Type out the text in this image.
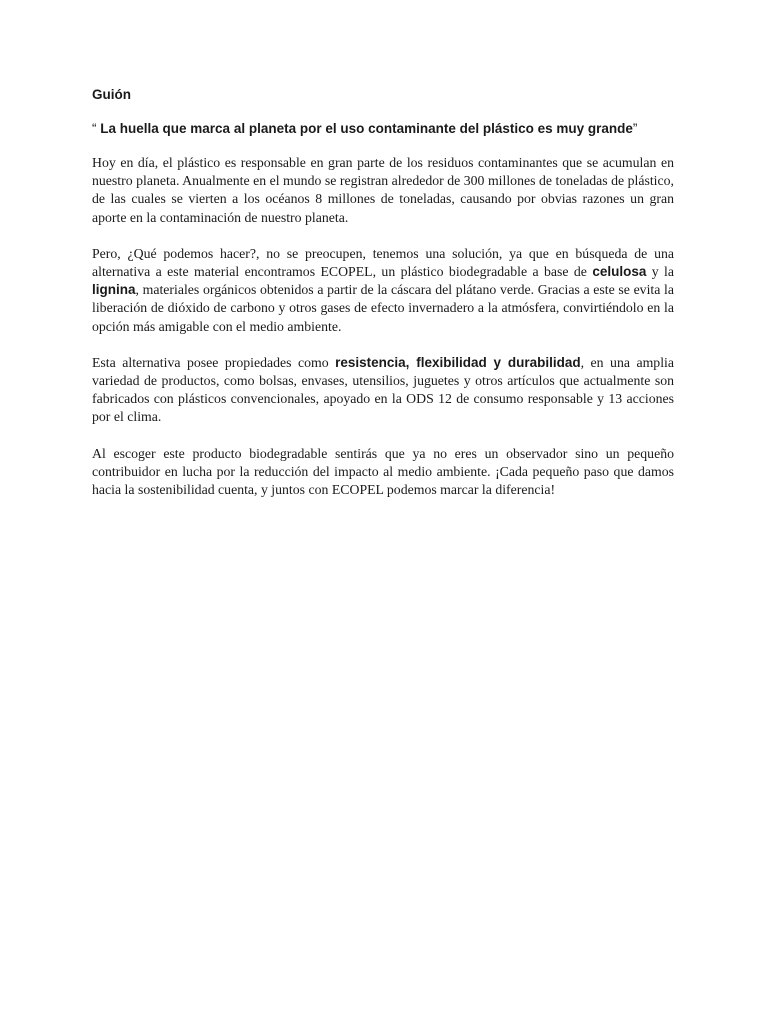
Guión
“ La huella que marca al planeta por el uso contaminante del plástico es muy grande”

Hoy en día, el plástico es responsable en gran parte de los residuos contaminantes que se acumulan en nuestro planeta. Anualmente en el mundo se registran alrededor de 300 millones de toneladas de plástico, de las cuales se vierten a los océanos 8 millones de toneladas, causando por obvias razones un gran aporte en la contaminación de nuestro planeta.

Pero, ¿Qué podemos hacer?, no se preocupen, tenemos una solución, ya que en búsqueda de una alternativa a este material encontramos ECOPEL, un plástico biodegradable a base de celulosa y la lignina, materiales orgánicos obtenidos a partir de la cáscara del plátano verde. Gracias a este se evita la liberación de dióxido de carbono y otros gases de efecto invernadero a la atmósfera, convirtiéndolo en la opción más amigable con el medio ambiente.

Esta alternativa posee propiedades como resistencia, flexibilidad y durabilidad, en una amplia variedad de productos, como bolsas, envases, utensilios, juguetes y otros artículos que actualmente son fabricados con plásticos convencionales, apoyado en la ODS 12 de consumo responsable y 13 acciones por el clima.

Al escoger este producto biodegradable sentirás que ya no eres un observador sino un pequeño contribuidor en lucha por la reducción del impacto al medio ambiente. ¡Cada pequeño paso que damos hacia la sostenibilidad cuenta, y juntos con ECOPEL podemos marcar la diferencia!
